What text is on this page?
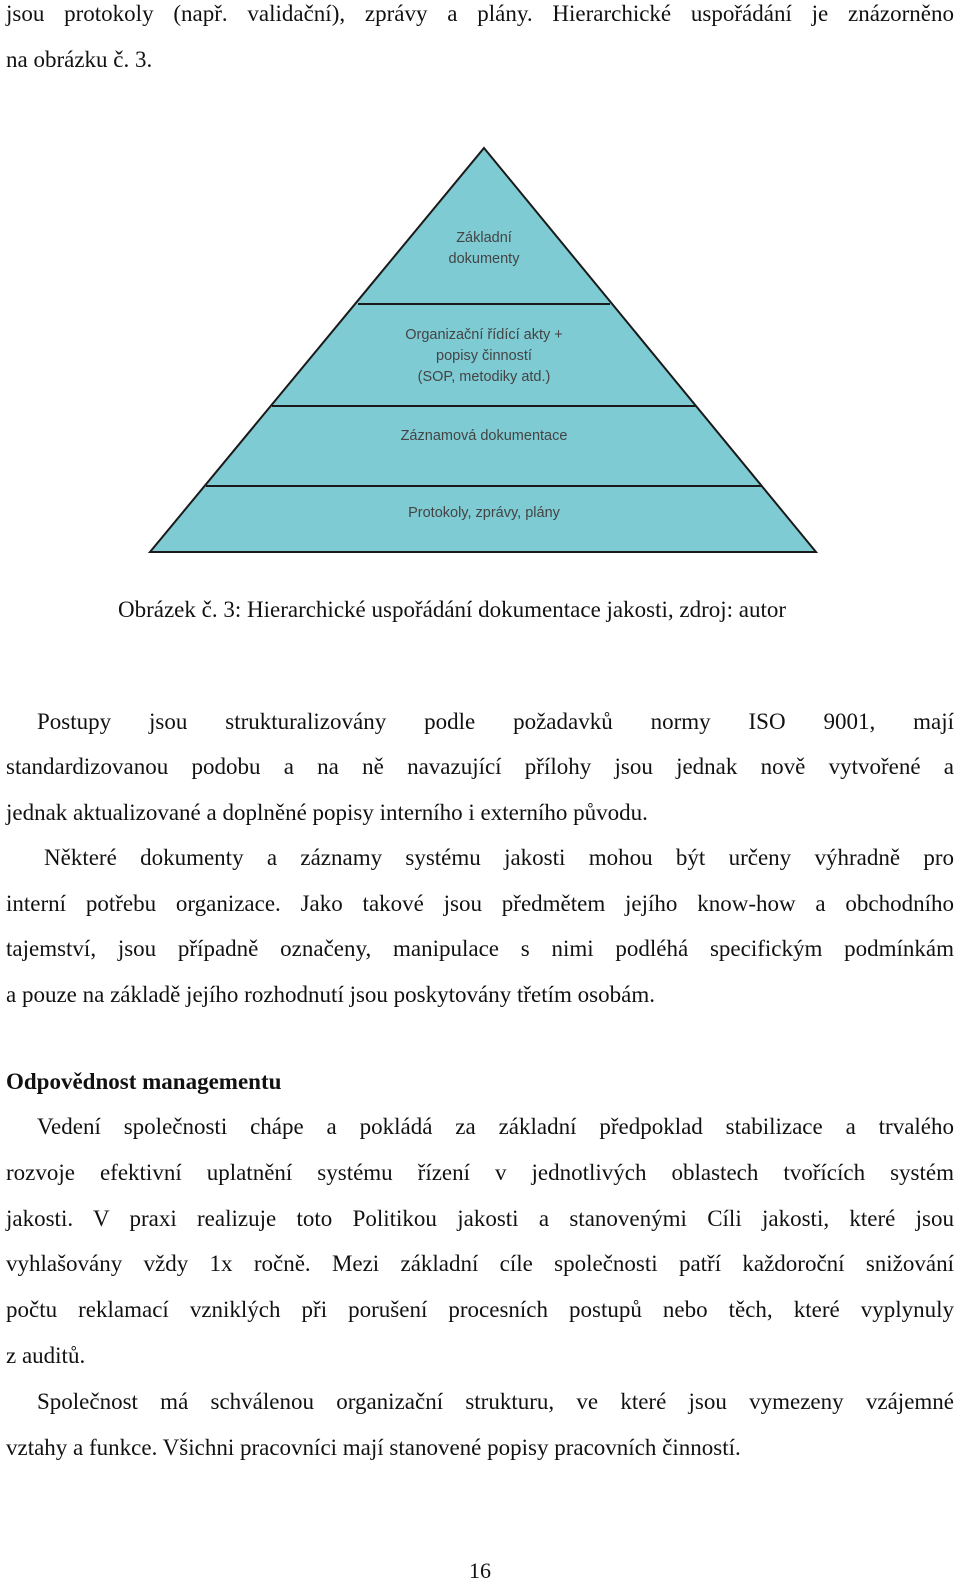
jsou protokoly (např. validační), zprávy a plány. Hierarchické uspořádání je znázorněno
na obrázku č. 3.
Základní
dokumenty
Organizační řídící akty +
popisy činností
(SOP, metodiky atd.)
Záznamová dokumentace
Protokoly, zprávy, plány
Obrázek č. 3: Hierarchické uspořádání dokumentace jakosti, zdroj: autor
Postupy jsou strukturalizovány podle požadavků normy ISO 9001, mají
standardizovanou podobu a na ně navazující přílohy jsou jednak nově vytvořené a
jednak aktualizované a doplněné popisy interního i externího původu.
Některé dokumenty a záznamy systému jakosti mohou být určeny výhradně pro
interní potřebu organizace. Jako takové jsou předmětem jejího know-how a obchodního
tajemství, jsou případně označeny, manipulace s nimi podléhá specifickým podmínkám
a pouze na základě jejího rozhodnutí jsou poskytovány třetím osobám.
Odpovědnost managementu
Vedení společnosti chápe a pokládá za základní předpoklad stabilizace a trvalého
rozvoje efektivní uplatnění systému řízení v jednotlivých oblastech tvořících systém
jakosti. V praxi realizuje toto Politikou jakosti a stanovenými Cíli jakosti, které jsou
vyhlašovány vždy 1x ročně. Mezi základní cíle společnosti patří každoroční snižování
počtu reklamací vzniklých při porušení procesních postupů nebo těch, které vyplynuly
z auditů.
Společnost má schválenou organizační strukturu, ve které jsou vymezeny vzájemné
vztahy a funkce. Všichni pracovníci mají stanovené popisy pracovních činností.
16
